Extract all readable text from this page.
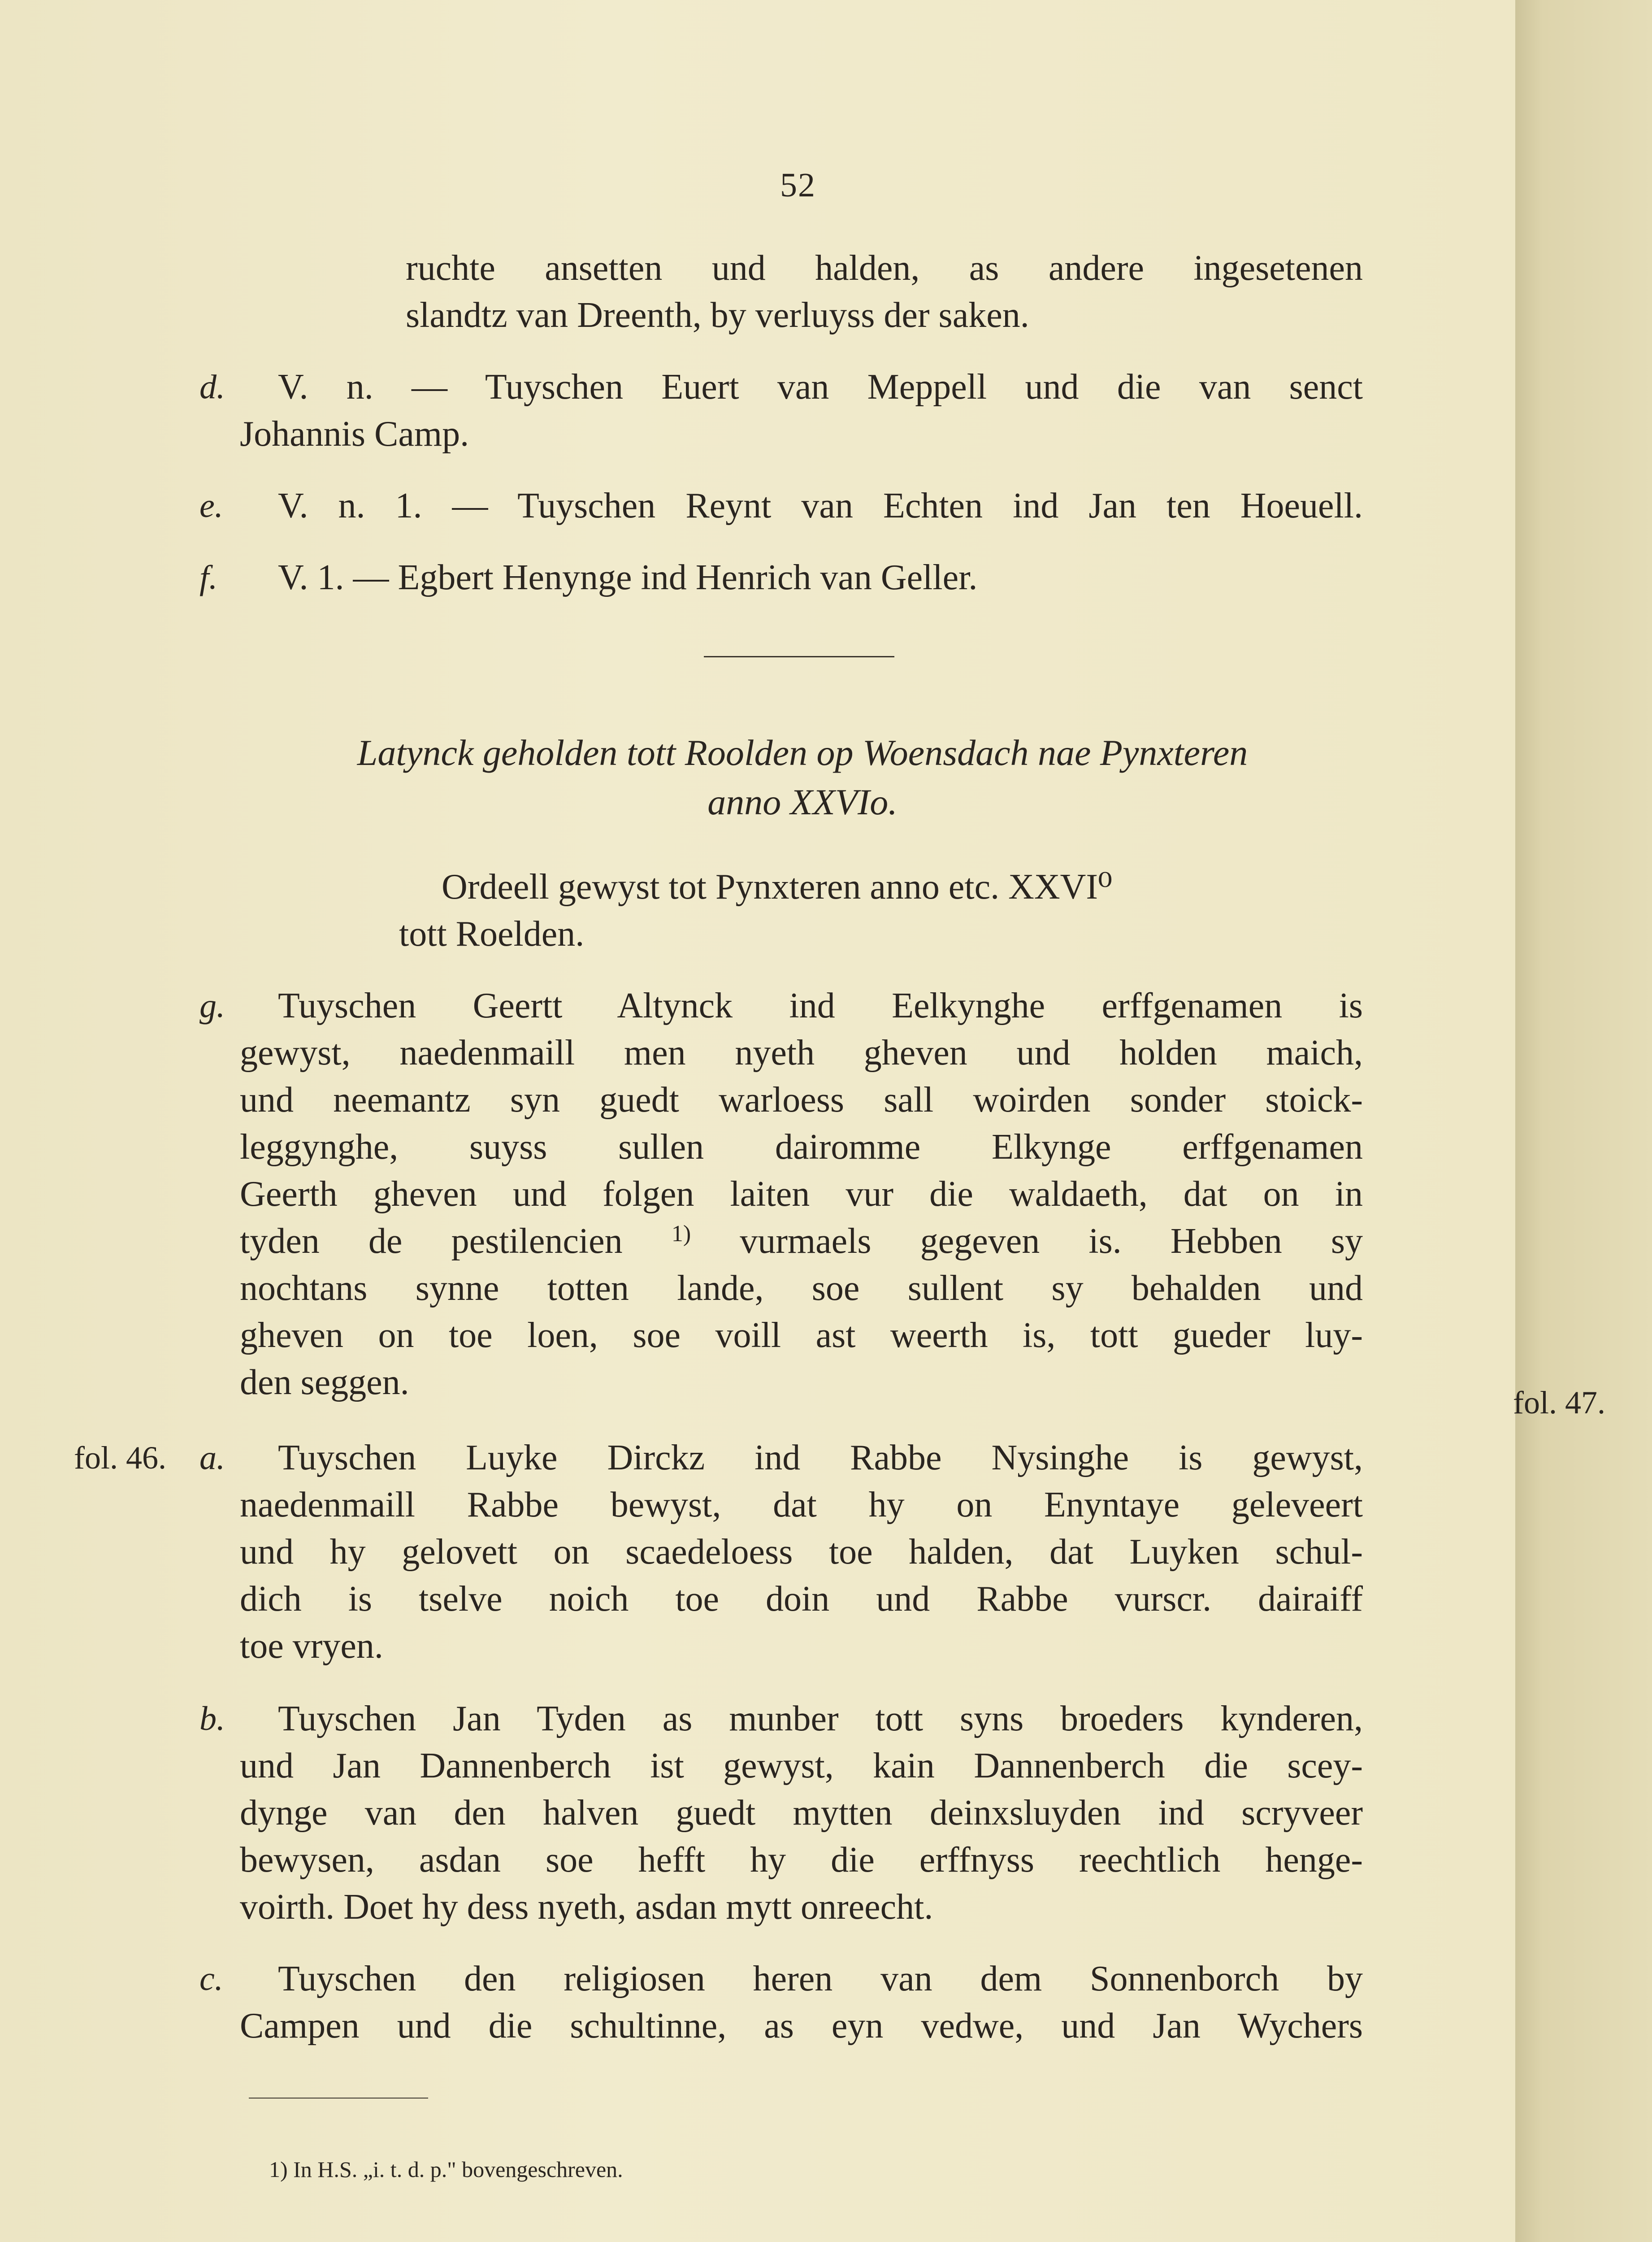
52
ruchte ansetten und halden, as andere ingesetenen
slandtz van Dreenth, by verluyss der saken.
d. V. n. — Tuyschen Euert van Meppell und die van senct
Johannis Camp.
e. V. n. 1. — Tuyschen Reynt van Echten ind Jan ten Hoeuell.
f. V. 1. — Egbert Henynge ind Henrich van Geller.
Latynck geholden tott Roolden op Woensdach nae Pynxteren
anno XXVIo.
Ordeell gewyst tot Pynxteren anno etc. XXVI⁰
tott Roelden.
g. Tuyschen Geertt Altynck ind Eelkynghe erffgenamen is
gewyst, naedenmaill men nyeth gheven und holden maich,
und neemantz syn guedt warloess sall woirden sonder stoick-
leggynghe, suyss sullen dairomme Elkynge erffgenamen
Geerth gheven und folgen laiten vur die waldaeth, dat on in
tyden de pestilencien $^{1)}$ vurmaels gegeven is. Hebben sy
nochtans synne totten lande, soe sullent sy behalden und
gheven on toe loen, soe voill ast weerth is, tott gueder luy-
den seggen.
fol. 47.
fol. 46. a. Tuyschen Luyke Dirckz ind Rabbe Nysinghe is gewyst,
naedenmaill Rabbe bewyst, dat hy on Enyntaye geleveert
und hy gelovett on scaedeloess toe halden, dat Luyken schul-
dich is tselve noich toe doin und Rabbe vurscr. dairaiff
toe vryen.
b. Tuyschen Jan Tyden as munber tott syns broeders kynderen,
und Jan Dannenberch ist gewyst, kain Dannenberch die scey-
dynge van den halven guedt mytten deinxsluyden ind scryveer
bewysen, asdan soe hefft hy die erffnyss reechtlich henge-
voirth. Doet hy dess nyeth, asdan mytt onreecht.
c. Tuyschen den religiosen heren van dem Sonnenborch by
Campen und die schultinne, as eyn vedwe, und Jan Wychers
1) In H.S. „i. t. d. p." bovengeschreven.
